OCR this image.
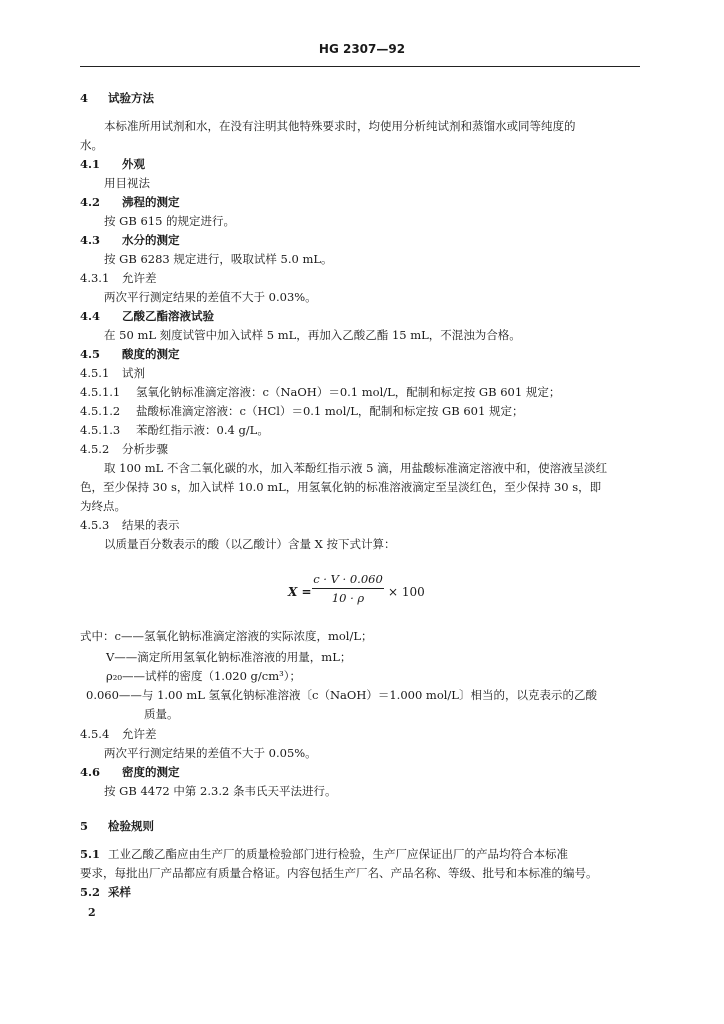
HG 2307—92
4 试验方法
本标准所用试剂和水，在没有注明其他特殊要求时，均使用分析纯试剂和蒸馏水或同等纯度的
水。
4.1 外观
用目视法
4.2 沸程的测定
按 GB 615 的规定进行。
4.3 水分的测定
按 GB 6283 规定进行，吸取试样 5.0 mL。
4.3.1 允许差
两次平行测定结果的差值不大于 0.03%。
4.4 乙酸乙酯溶液试验
在 50 mL 刻度试管中加入试样 5 mL，再加入乙酸乙酯 15 mL，不混浊为合格。
4.5 酸度的测定
4.5.1 试剂
4.5.1.1 氢氧化钠标准滴定溶液：c（NaOH）＝0.1 mol/L，配制和标定按 GB 601 规定；
4.5.1.2 盐酸标准滴定溶液：c（HCl）＝0.1 mol/L，配制和标定按 GB 601 规定；
4.5.1.3 苯酚红指示液：0.4 g/L。
4.5.2 分析步骤
取 100 mL 不含二氧化碳的水，加入苯酚红指示液 5 滴，用盐酸标准滴定溶液中和，使溶液呈淡红
色，至少保持 30 s，加入试样 10.0 mL，用氢氧化钠的标准溶液滴定至呈淡红色，至少保持 30 s，即
为终点。
4.5.3 结果的表示
以质量百分数表示的酸（以乙酸计）含量 X 按下式计算：
X =
c · V · 0.060
10 · ρ	× 100
式中：c——氢氧化钠标准滴定溶液的实际浓度，mol/L；
V——滴定所用氢氧化钠标准溶液的用量，mL；
ρ₂₀——试样的密度（1.020 g/cm³）；
0.060——与 1.00 mL 氢氧化钠标准溶液〔c（NaOH）＝1.000 mol/L〕相当的，以克表示的乙酸
质量。
4.5.4 允许差
两次平行测定结果的差值不大于 0.05%。
4.6 密度的测定
按 GB 4472 中第 2.3.2 条韦氏天平法进行。
5 检验规则
5.1 工业乙酸乙酯应由生产厂的质量检验部门进行检验，生产厂应保证出厂的产品均符合本标准
要求，每批出厂产品都应有质量合格证。内容包括生产厂名、产品名称、等级、批号和本标准的编号。
5.2 采样
2
